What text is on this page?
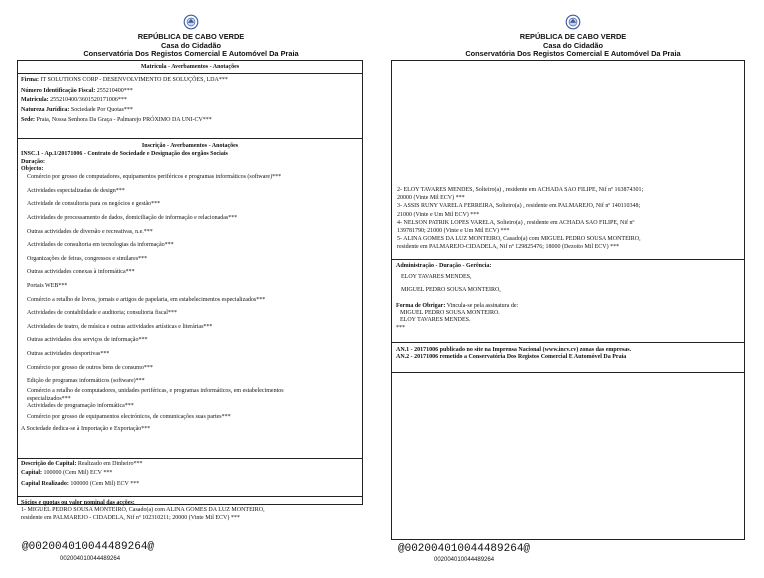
REPÚBLICA DE CABO VERDE
Casa do Cidadão
Conservatória Dos Registos Comercial E Automóvel Da Praia
Matricula - Averbamentos - Anotações
Firma: IT SOLUTIONS CORP - DESENVOLVIMENTO DE SOLUÇÕES, LDA***
Número Identificação Fiscal: 255210400***
Matricula: 255210400/3601520171006***
Natureza Jurídica: Sociedade Por Quotas***
Sede: Praia, Nossa Senhora Da Graça - Palmarejo PRÓXIMO DA UNI-CV***
Inscrição - Averbamentos - Anotações
INSC.1 - Ap.1/20171006 - Contrato de Sociedade e Designação dos orgãos Sociais
Duração:
Objecto:
Comércio por grosso de computadores, equipamentos periféricos e programas informáticos (software)***
Actividades especializadas de design***
Actividade de consultoria para os negócios e gestão***
Actividades de processamento de dados, domiciliação de informação e relacionadas***
Outras actividades de diversão e recreativas, n.e.***
Actividades de consultoria em tecnologias da informação***
Organizações de feiras, congressos e similares***
Outras actividades conexas à informática***
Portais WEB***
Comércio a retalho de livros, jornais e artigos de papelaria, em estabelecimentos especializados***
Actividades de contabilidade e auditoria; consultoria fiscal***
Actividades de teatro, de música e outras actividades artísticas e literárias***
Outras actividades dos serviços de informação***
Outras actividades desportivas***
Comércio por grosso de outros bens de consumo***
Edição de programas informáticos (software)***
Comércio a retalho de computadores, unidades periféricas, e programas informáticos, em estabelecimentos
especializados***
Actividades de programação informática***
Comércio por grosso de equipamentos electrónicos, de comunicações suas partes***
A Sociedade dedica-se à Importação e Exportação***
Descrição do Capital: Realizado em Dinheiro***
Capital: 100000 (Cem Mil) ECV ***
Capital Realizado: 100000 (Cem Mil) ECV ***
Sócios e quotas ou valor nominal das acções:
1- MIGUEL PEDRO SOUSA MONTEIRO, Casado(a) com ALINA GOMES DA LUZ MONTEIRO,
residente em PALMAREJO - CIDADELA, Nif nº 102310211; 20000 (Vinte Mil ECV) ***
@002004010044489264@
002004010044489264
REPÚBLICA DE CABO VERDE
Casa do Cidadão
Conservatória Dos Registos Comercial E Automóvel Da Praia
2- ELOY TAVARES MENDES, Solteiro(a) , residente em ACHADA SAO FILIPE, Nif nº 163874301;
20000 (Vinte Mil ECV) ***
3- ASSIS RUNY VARELA FERREIRA, Solteiro(a) , residente em PALMAREJO, Nif nº 140110348;
21000 (Vinte e Um Mil ECV) ***
4- NELSON PATRIK LOPES VARELA, Solteiro(a) , residente em ACHADA SAO FILIPE, Nif nº
139781790; 21000 (Vinte e Um Mil ECV) ***
5- ALINA GOMES DA LUZ MONTEIRO, Casado(a) com MIGUEL PEDRO SOUSA MONTEIRO,
residente em PALMAREJO-CIDADELA, Nif nº 129825476; 18000 (Dezoito Mil ECV) ***
Administração - Duração - Gerência:
ELOY TAVARES MENDES,
MIGUEL PEDRO SOUSA MONTEIRO,
Forma de Obrigar: Vincula-se pela assinatura de:
MIGUEL PEDRO SOUSA MONTEIRO.
ELOY TAVARES MENDES.
***
AN.1 - 20171006 publicado no site na Imprensa Nacional (www.incv.cv) zonas das empresas.
AN.2 - 20171006 remetido a Conservatória Dos Registos Comercial E Automóvel Da Praia
@002004010044489264@
002004010044489264
